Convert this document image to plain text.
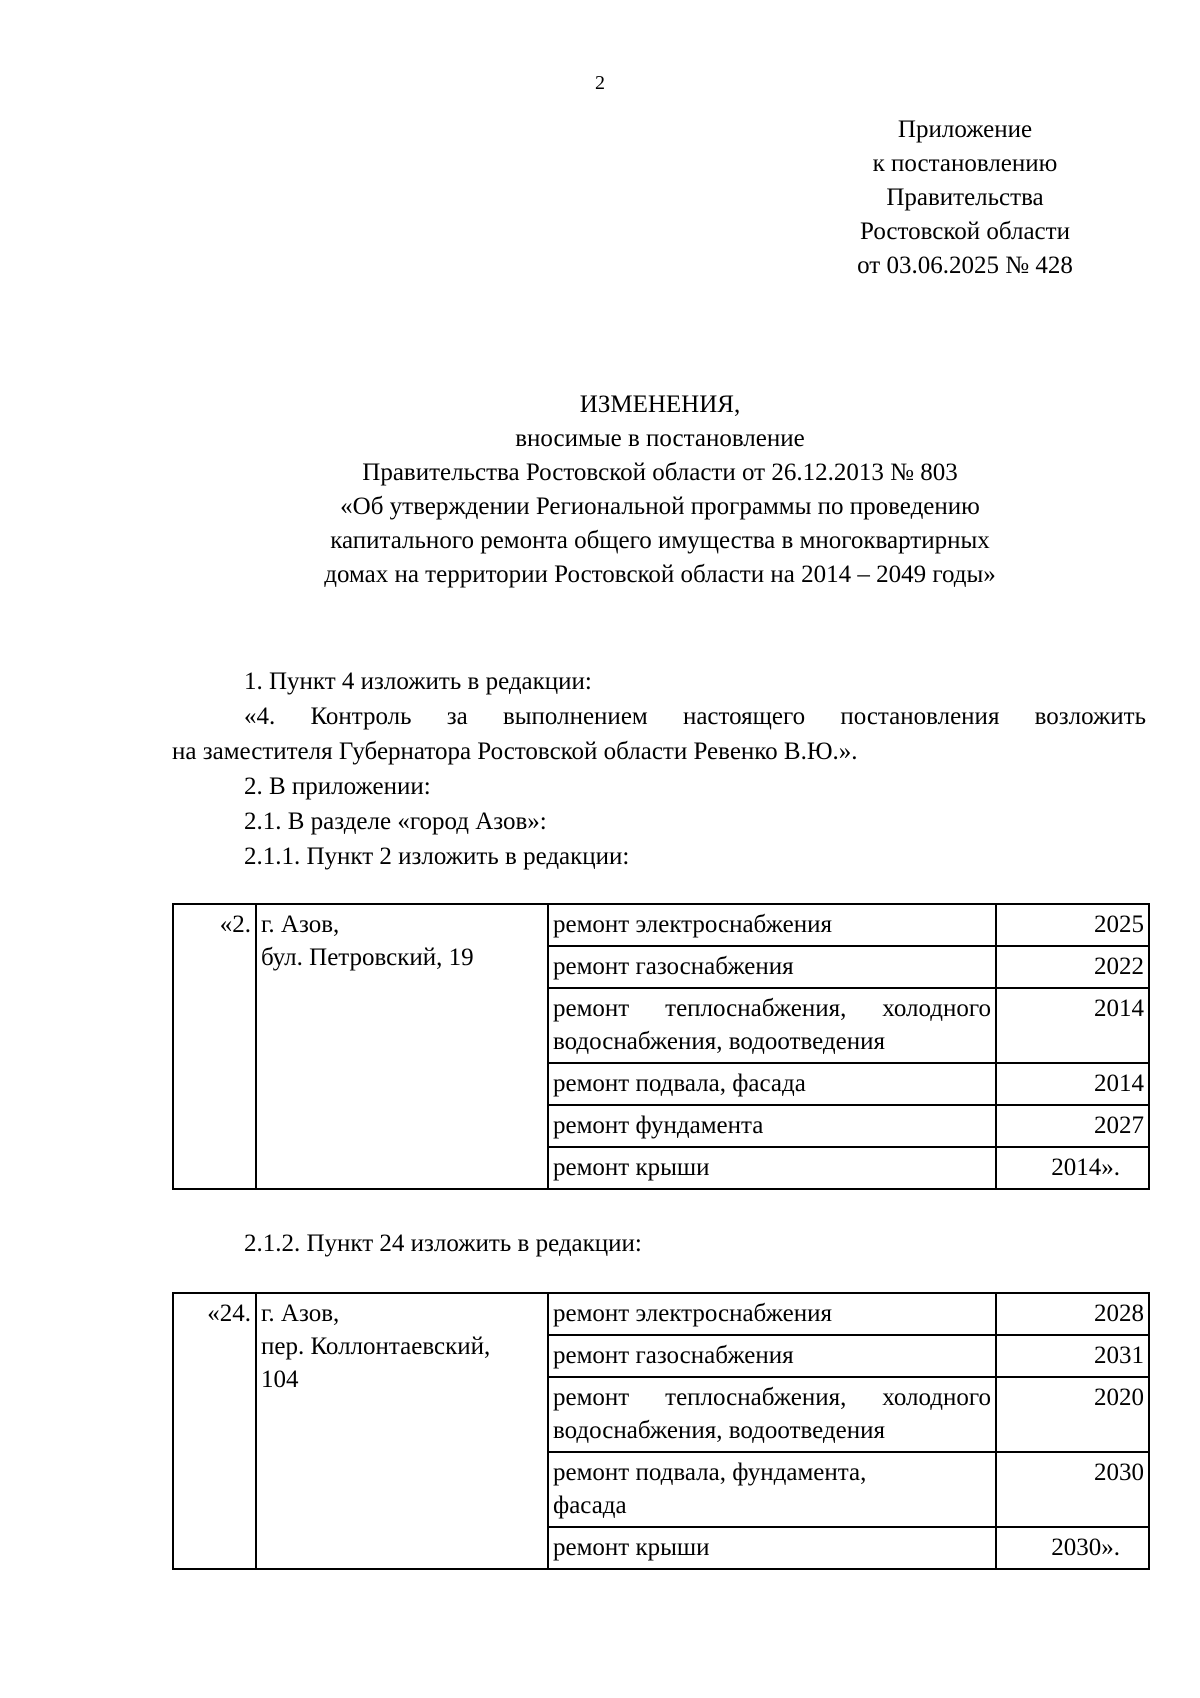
2
Приложение
к постановлению
Правительства
Ростовской области
от 03.06.2025 № 428
ИЗМЕНЕНИЯ,
вносимые в постановление
Правительства Ростовской области от 26.12.2013 № 803
«Об утверждении Региональной программы по проведению
капитального ремонта общего имущества в многоквартирных
домах на территории Ростовской области на 2014 – 2049 годы»

1. Пункт 4 изложить в редакции:

«4. Контроль за выполнением настоящего постановления возложить

на заместителя Губернатора Ростовской области Ревенко В.Ю.».

2. В приложении:

2.1. В разделе «город Азов»:

2.1.1. Пункт 2 изложить в редакции:

«2.	г. Азов,
бул. Петровский, 19	ремонт электроснабжения	2025
		ремонт газоснабжения	2022

		ремонт теплоснабжения, холодного
водоснабжения, водоотведения	2014
		ремонт подвала, фасада	2014
		ремонт фундамента	2027
		ремонт крыши	2014».
2.1.2. Пункт 24 изложить в редакции:
«24.	г. Азов,
пер. Коллонтаевский,
104	ремонт электроснабжения	2028
		ремонт газоснабжения	2031

		ремонт теплоснабжения, холодного
водоснабжения, водоотведения	2020

		ремонт подвала, фундамента,
фасада	2030
		ремонт крыши	2030».
